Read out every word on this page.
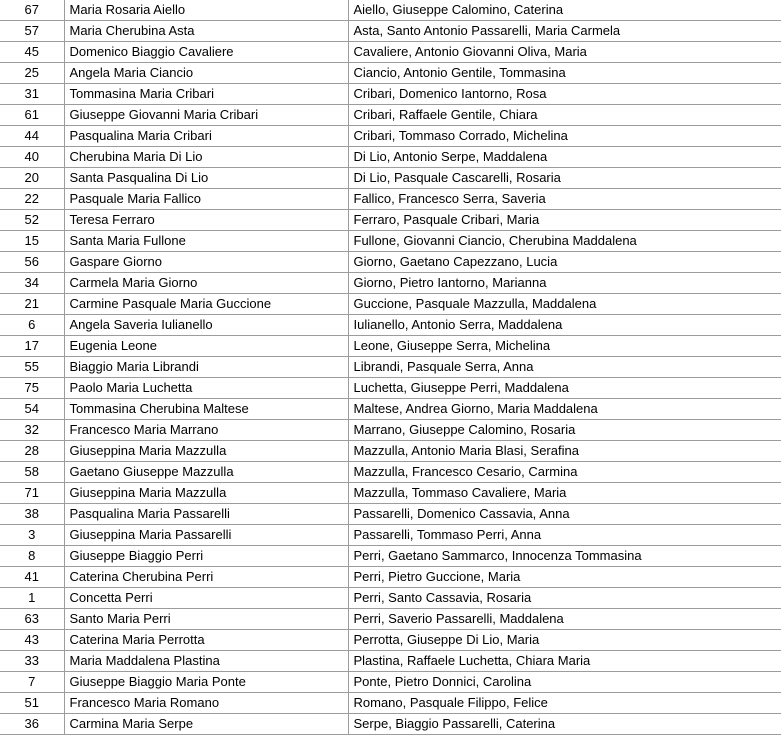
67	Maria Rosaria Aiello	Aiello, Giuseppe Calomino, Caterina
57	Maria Cherubina Asta	Asta, Santo Antonio Passarelli, Maria Carmela
45	Domenico Biaggio Cavaliere	Cavaliere, Antonio Giovanni Oliva, Maria
25	Angela Maria Ciancio	Ciancio, Antonio Gentile, Tommasina
31	Tommasina Maria Cribari	Cribari, Domenico Iantorno, Rosa
61	Giuseppe Giovanni Maria Cribari	Cribari, Raffaele Gentile, Chiara
44	Pasqualina Maria Cribari	Cribari, Tommaso Corrado, Michelina
40	Cherubina Maria Di Lio	Di Lio, Antonio Serpe, Maddalena
20	Santa Pasqualina Di Lio	Di Lio, Pasquale Cascarelli, Rosaria
22	Pasquale Maria Fallico	Fallico, Francesco Serra, Saveria
52	Teresa Ferraro	Ferraro, Pasquale Cribari, Maria
15	Santa Maria Fullone	Fullone, Giovanni Ciancio, Cherubina Maddalena
56	Gaspare Giorno	Giorno, Gaetano Capezzano, Lucia
34	Carmela Maria Giorno	Giorno, Pietro Iantorno, Marianna
21	Carmine Pasquale Maria Guccione	Guccione, Pasquale Mazzulla, Maddalena
6	Angela Saveria Iulianello	Iulianello, Antonio Serra, Maddalena
17	Eugenia Leone	Leone, Giuseppe Serra, Michelina
55	Biaggio Maria Librandi	Librandi, Pasquale Serra, Anna
75	Paolo Maria Luchetta	Luchetta, Giuseppe Perri, Maddalena
54	Tommasina Cherubina Maltese	Maltese, Andrea Giorno, Maria Maddalena
32	Francesco Maria Marrano	Marrano, Giuseppe Calomino, Rosaria
28	Giuseppina Maria Mazzulla	Mazzulla, Antonio Maria Blasi, Serafina
58	Gaetano Giuseppe Mazzulla	Mazzulla, Francesco Cesario, Carmina
71	Giuseppina Maria Mazzulla	Mazzulla, Tommaso Cavaliere, Maria
38	Pasqualina Maria Passarelli	Passarelli, Domenico Cassavia, Anna
3	Giuseppina Maria Passarelli	Passarelli, Tommaso Perri, Anna
8	Giuseppe Biaggio Perri	Perri, Gaetano Sammarco, Innocenza Tommasina
41	Caterina Cherubina Perri	Perri, Pietro Guccione, Maria
1	Concetta Perri	Perri, Santo Cassavia, Rosaria
63	Santo Maria Perri	Perri, Saverio Passarelli, Maddalena
43	Caterina Maria Perrotta	Perrotta, Giuseppe Di Lio, Maria
33	Maria Maddalena Plastina	Plastina, Raffaele Luchetta, Chiara Maria
7	Giuseppe Biaggio Maria Ponte	Ponte, Pietro Donnici, Carolina
51	Francesco Maria Romano	Romano, Pasquale Filippo, Felice
36	Carmina Maria Serpe	Serpe, Biaggio Passarelli, Caterina
